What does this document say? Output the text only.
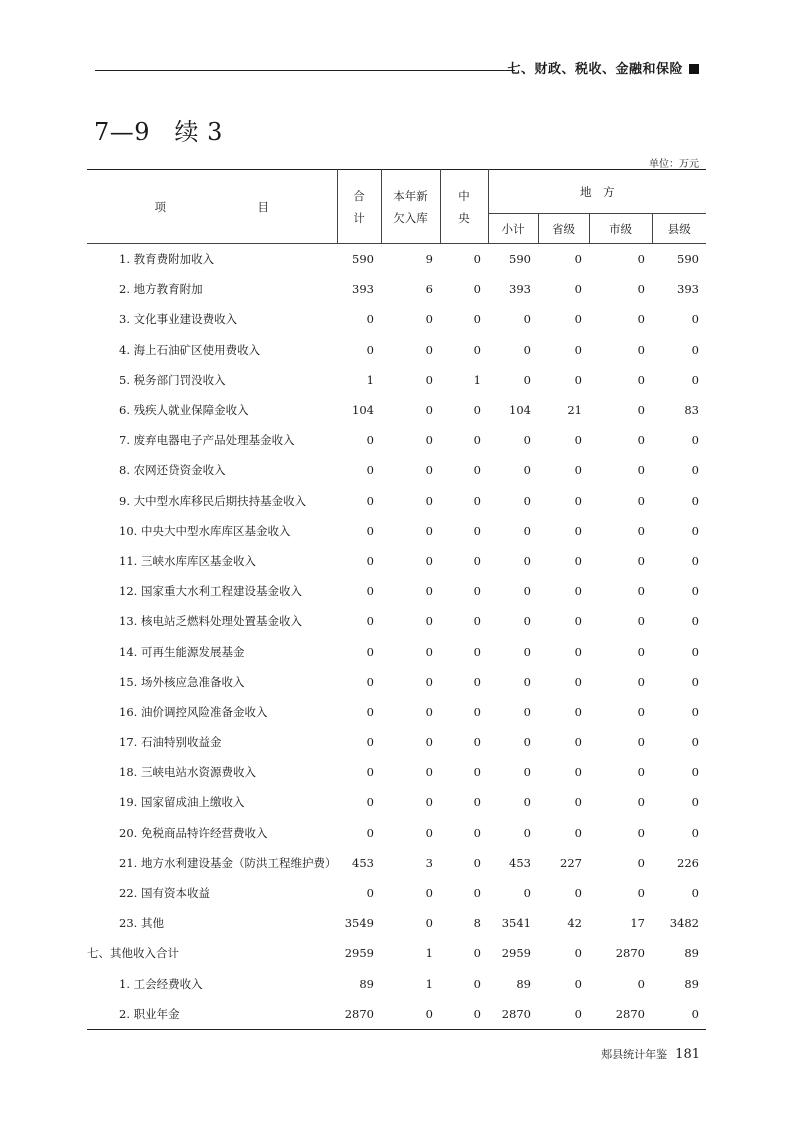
七、财政、税收、金融和保险
7—9　续 3
单位：万元
项　目	合计	本年新欠入库	中央	地　方			
				小计	省级	市级	县级
1. 教育费附加收入	590	9	0	590	0	0	590
2. 地方教育附加	393	6	0	393	0	0	393
3. 文化事业建设费收入	0	0	0	0	0	0	0
4. 海上石油矿区使用费收入	0	0	0	0	0	0	0
5. 税务部门罚没收入	1	0	1	0	0	0	0
6. 残疾人就业保障金收入	104	0	0	104	21	0	83
7. 废弃电器电子产品处理基金收入	0	0	0	0	0	0	0
8. 农网还贷资金收入	0	0	0	0	0	0	0
9. 大中型水库移民后期扶持基金收入	0	0	0	0	0	0	0
10. 中央大中型水库库区基金收入	0	0	0	0	0	0	0
11. 三峡水库库区基金收入	0	0	0	0	0	0	0
12. 国家重大水利工程建设基金收入	0	0	0	0	0	0	0
13. 核电站乏燃料处理处置基金收入	0	0	0	0	0	0	0
14. 可再生能源发展基金	0	0	0	0	0	0	0
15. 场外核应急准备收入	0	0	0	0	0	0	0
16. 油价调控风险准备金收入	0	0	0	0	0	0	0
17. 石油特别收益金	0	0	0	0	0	0	0
18. 三峡电站水资源费收入	0	0	0	0	0	0	0
19. 国家留成油上缴收入	0	0	0	0	0	0	0
20. 免税商品特许经营费收入	0	0	0	0	0	0	0
21. 地方水利建设基金（防洪工程维护费）	453	3	0	453	227	0	226
22. 国有资本收益	0	0	0	0	0	0	0
23. 其他	3549	0	8	3541	42	17	3482
七、其他收入合计	2959	1	0	2959	0	2870	89
1. 工会经费收入	89	1	0	89	0	0	89
2. 职业年金	2870	0	0	2870	0	2870	0
郏县统计年鉴 181
